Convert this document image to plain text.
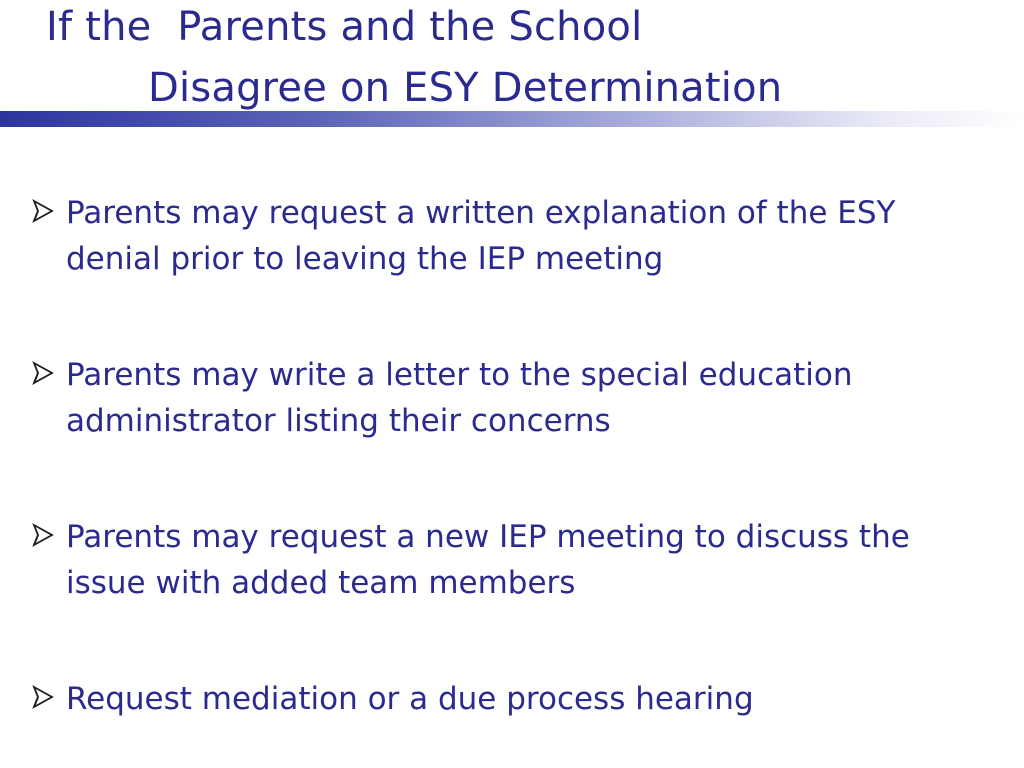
If the  Parents and the School
Disagree on ESY Determination
Parents may request a written explanation of the ESY denial prior to leaving the IEP meeting
Parents may write a letter to the special education administrator listing their concerns
Parents may request a new IEP meeting to discuss the issue with added team members
Request mediation or a due process hearing
